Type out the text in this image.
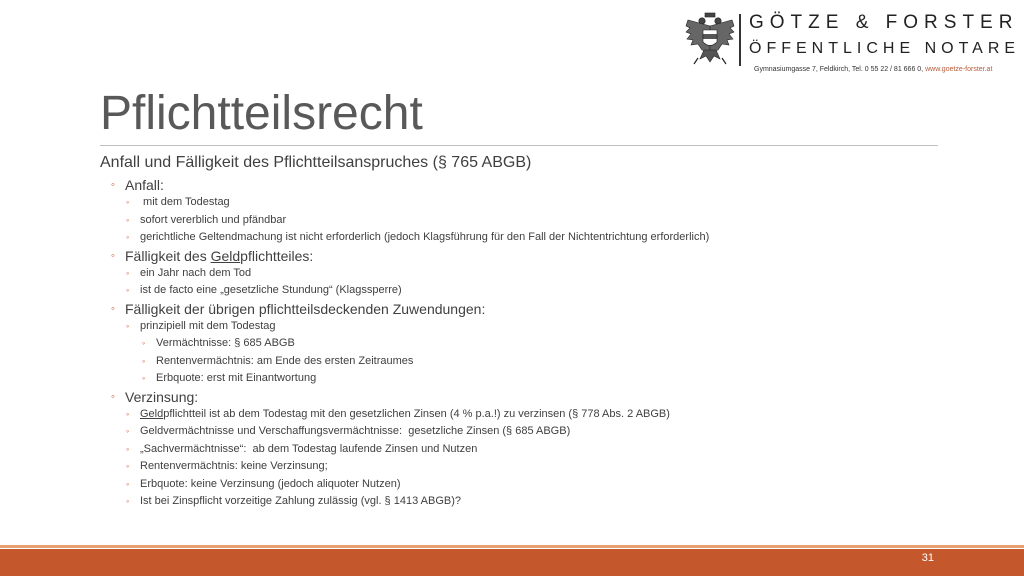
GÖTZE & FORSTER
ÖFFENTLICHE NOTARE
Gymnasiumgasse 7, Feldkirch, Tel. 0 55 22 / 81 666 0, www.goetze-forster.at
Pflichtteilsrecht
Anfall und Fälligkeit des Pflichtteilsanspruches (§ 765 ABGB)
◦ Anfall:
◦ mit dem Todestag
◦ sofort vererblich und pfändbar
◦ gerichtliche Geltendmachung ist nicht erforderlich (jedoch Klagsführung für den Fall der Nichtentrichtung erforderlich)
◦ Fälligkeit des Geldpflichtteiles:
◦ ein Jahr nach dem Tod
◦ ist de facto eine „gesetzliche Stundung“ (Klagssperre)
◦ Fälligkeit der übrigen pflichtteilsdeckenden Zuwendungen:
◦ prinzipiell mit dem Todestag
◦ Vermächtnisse: § 685 ABGB
◦ Rentenvermächtnis: am Ende des ersten Zeitraumes
◦ Erbquote: erst mit Einantwortung
◦ Verzinsung:
◦ Geldpflichtteil ist ab dem Todestag mit den gesetzlichen Zinsen (4 % p.a.!) zu verzinsen (§ 778 Abs. 2 ABGB)
◦ Geldvermächtnisse und Verschaffungsvermächtnisse:  gesetzliche Zinsen (§ 685 ABGB)
◦ „Sachvermächtnisse“:  ab dem Todestag laufende Zinsen und Nutzen
◦ Rentenvermächtnis: keine Verzinsung;
◦ Erbquote: keine Verzinsung (jedoch aliquoter Nutzen)
◦ Ist bei Zinspflicht vorzeitige Zahlung zulässig (vgl. § 1413 ABGB)?
31
